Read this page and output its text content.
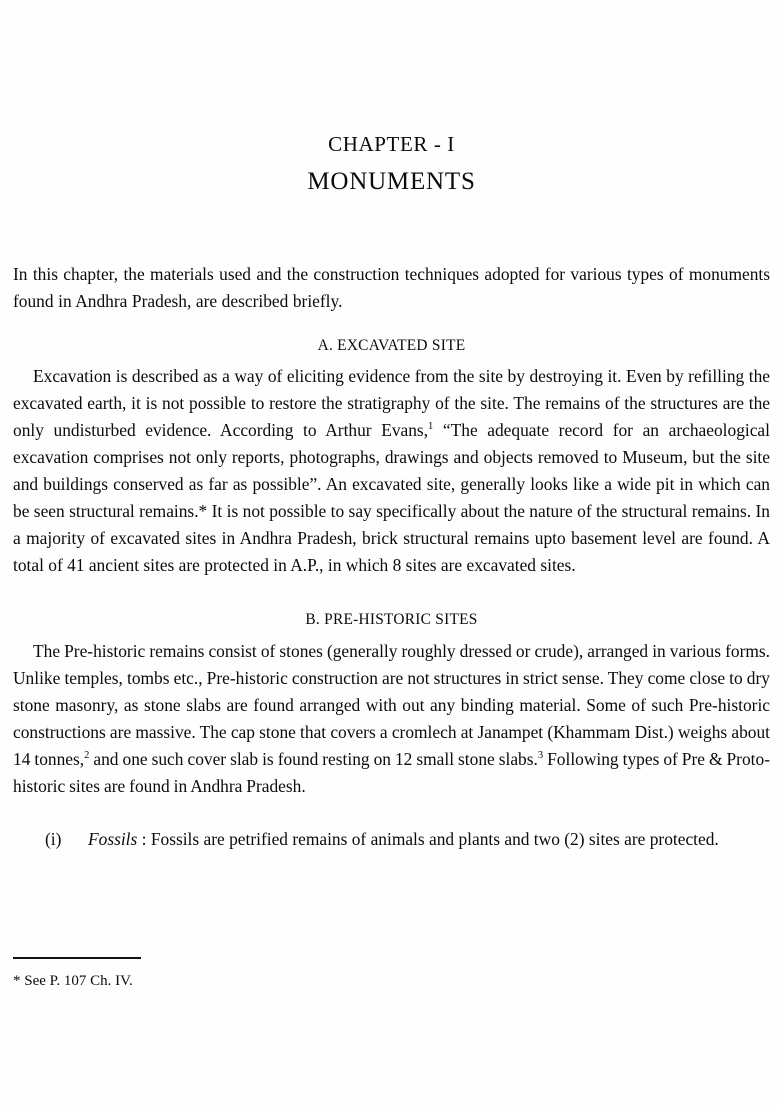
CHAPTER - I
MONUMENTS
In this chapter, the materials used and the construction techniques adopted for various types of monuments found in Andhra Pradesh, are described briefly.
A. EXCAVATED SITE

Excavation is described as a way of eliciting evidence from the site by destroying it. Even by refilling the excavated earth, it is not possible to restore the stratigraphy of the site. The remains of the structures are the only undisturbed evidence. According to Arthur Evans,$^1$ “The adequate record for an archaeological excavation comprises not only reports, photographs, drawings and objects removed to Museum, but the site and buildings conserved as far as possible”. An excavated site, generally looks like a wide pit in which can be seen structural remains.* It is not possible to say specifically about the nature of the structural remains. In a majority of excavated sites in Andhra Pradesh, brick structural remains upto basement level are found. A total of 41 ancient sites are protected in A.P., in which 8 sites are excavated sites.

B. PRE-HISTORIC SITES

The Pre-historic remains consist of stones (generally roughly dressed or crude), arranged in various forms. Unlike temples, tombs etc., Pre-historic construction are not structures in strict sense. They come close to dry stone masonry, as stone slabs are found arranged with out any binding material. Some of such Pre-historic constructions are massive. The cap stone that covers a cromlech at Janampet (Khammam Dist.) weighs about 14 tonnes,$^2$ and one such cover slab is found resting on 12 small stone slabs.$^3$ Following types of Pre & Proto-historic sites are found in Andhra Pradesh.

(i)	Fossils : Fossils are petrified remains of animals and plants and two (2) sites are protected.

* See P. 107 Ch. IV.
